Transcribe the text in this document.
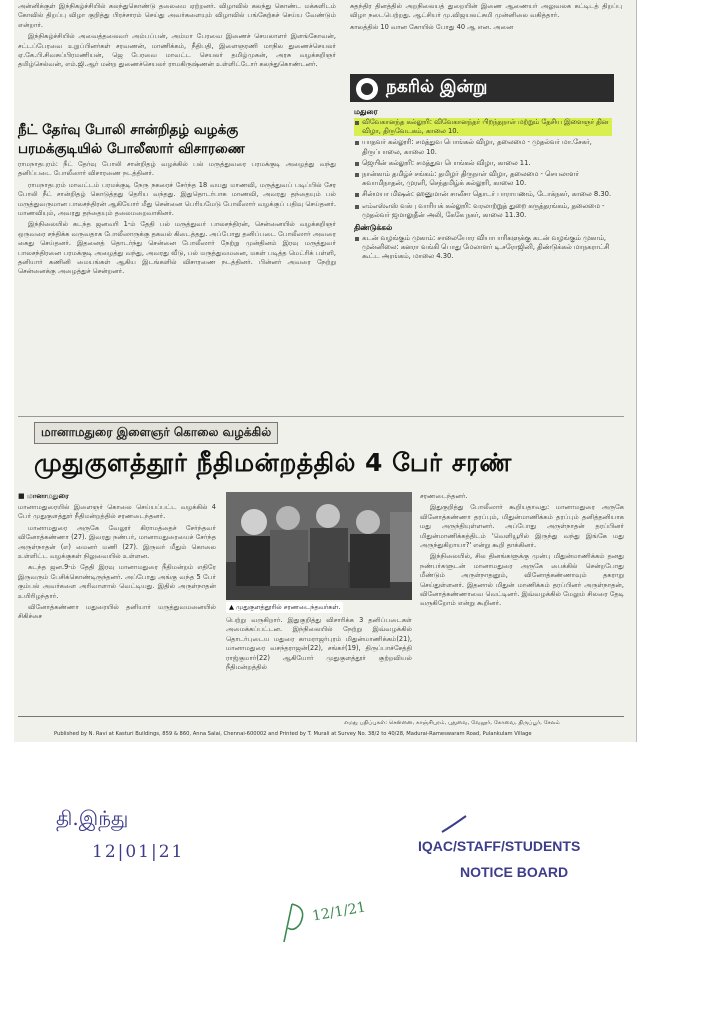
அன்னிக்குள் இந்நிகழ்ச்சியில் கலந்துகொண்டு தலைமை ஏற்றனர். விழாவில் கலந்து கொண்ட மக்களிடம் கோவில் திறப்பு விழா குறித்து பிரச்சாரம் செய்து அவர்களையும் விழாவில் பங்கேற்கச் செய்ய வேண்டும் என்றார்.

இந்நிகழ்ச்சியில் அவைத்தலைவர் அம்பப்பன், அம்மா பேரவை இணைச் செயலாளர் இளங்கோவன், சட்டப்பேரவை உறுப்பினர்கள் சரவணன், மாணிக்கம், நீதிபதி, இளைஞரணி மாநில துணைச்செயலர் ஏ.கே.பி.சிவசுப்பிரமணியன், ஜெ பேரவை மாவட்ட செயலர் தமிழ்முகன், அரசு வழக்கறிஞர் தமிழ்செல்வன், எம்.ஜி.ஆர் மன்ற துணைச்செயலர் ராமகிருஷ்ணன் உள்ளிட்டோர் கலந்துகொண்டனர்.

நீட் தேர்வு போலி சான்றிதழ் வழக்கு
பரமக்குடியில் போலீஸார் விசாரணை

ராமநாதபுரம்: நீட் தேர்வு போலி சான்றிதழ் வழக்கில் பல் மருத்துவரை பரமக்குடி அழைத்து வந்து தனிப்படை போலீஸார் விசாரணை நடத்தினர்.

ராமநாதபுரம் மாவட்டம் பரமக்குடி நேரு நகரைச் சேர்ந்த 18 வயது மாணவி, மருத்துவப் படிப்பில் சேர போலி நீட் சான்றிதழ் கொடுத்தது தெரிய வந்தது. இதுதொடர்பாக மாணவி, அவரது தந்தையும் பல் மருத்துவருமான பாலசந்திரன் ஆகியோர் மீது சென்னை பெரியமேடு போலீஸார் வழக்குப் பதிவு செய்தனர். மாணவியும், அவரது தந்தையும் தலைமறைவாகினர்.

இந்நிலையில் கடந்த ஜனவரி 1-ம் தேதி பல் மருத்துவர் பாலசந்திரன், சென்னையில் வழக்கறிஞர் ஒருவரை சந்திக்க வருவதாக போலீஸாருக்கு தகவல் கிடைத்தது. அப்போது தனிப்படை போலீஸார் அவரை கைது செய்தனர். இதனைத் தொடர்ந்து சென்னை போலீஸார் நேற்று முன்தினம் இரவு மருத்துவர் பாலசந்திரனை பரமக்குடி அழைத்து வந்து, அவரது வீடு, பல் மருத்துவமனை, மகள் படித்த மெட்ரிக் பள்ளி, தனியார் கணினி மையங்கள் ஆகிய இடங்களில் விசாரணை நடத்தினர். பின்னர் அவரை நேற்று சென்னைக்கு அழைத்துச் சென்றனர்.

சுதந்திர தினத்தில் அறநிலையத் துறையின் இணை ஆணையர் அலுவலக கட்டிடத் திறப்பு விழா நடைபெற்றது. ஆட்சியர் மு.விஜயலட்சுமி முன்னிலை வகித்தார்.

காலத்தில் 10 வான கோயில் போது 40 ஆ என. அனை

நகரில் இன்று
மதுரை
விவேகானந்த கல்லூரி: விவேகானந்தர் பிறந்தநாள் மற்றும் தேசிய இளைஞர் தின விழா, திருவேடகம், காலை 10.
யாதவர் கல்லூரி: சமத்துவ பொங்கல் விழா, தலைமை - முதல்வர் மா.சேகர், திருப்பாலை, காலை 10.
ஜெயின் கல்லூரி: சமத்துவ பொங்கல் விழா, காலை 11.
நான்காம் தமிழ்ச் சங்கம்: தமிழர் திருநாள் விழா, தலைமை - செயலாளர் சுவாமிநாதன், முரளி, செந்தமிழ்க் கல்லூரி, காலை 10.
சின்மயா மிஷன்: ஹனுமான் சாலீசா தொடர் பாராயணம், டோக்நகர், காலை 8.30.
எம்எஸ்எஸ் வக்பு வாரியக் கல்லூரி: வரலாற்றுத் துறை கருத்தரங்கம், தலைமை - முதல்வர் ஜமாலுதீன் அலி, கேகே நகர், காலை 11.30.
திண்டுக்கல்
கடன் வழங்கும் முகாம்: சாலையோர வியாபாரிகளுக்கு கடன் வழங்கும் முகாம், முன்னிலை: கனரா வங்கி பொது மேலாளர் டி.சரோஜினி, திண்டுக்கல் மாநகராட்சி கூட்ட அரங்கம், மாலை 4.30.
மானாமதுரை இளைஞர் கொலை வழக்கில்
முதுகுளத்தூர் நீதிமன்றத்தில் 4 பேர் சரண்
■ மானாமதுரை

மானாமதுரையில் இளைஞர் கொலை செய்யப்பட்ட வழக்கில் 4 பேர் முதுகுளத்தூர் நீதிமன்றத்தில் சரணடைந்தனர்.

மானாமதுரை அருகே வேலூர் கிராமத்தைச் சேர்ந்தவர் வினோத்கண்ணா (27). இவரது நண்பர், மானாமதுரையைச் சேர்ந்த அருள்நாதன் (எ) மைனர் மணி (27). இருவர் மீதும் கொலை உள்ளிட்ட வழக்குகள் நிலுவையில் உள்ளன.

கடந்த ஜன.9-ம் தேதி இரவு மானாமதுரை நீதிமன்றம் எதிரே இருவரும் பேசிக்கொண்டிருந்தனர். அப்போது அங்கு வந்த 5 பேர் கும்பல் அவர்களை அரிவாளால் வெட்டியது. இதில் அருள்நாதன் உயிரிழந்தார்.

வினோத்கண்ணா மதுரையில் தனியார் மருத்துவமனையில் சிகிச்சை

▲ முதுகுளத்தூரில் சரணடைந்தவர்கள்.

பெற்று வருகிறார். இதுகுறித்து விசாரிக்க 3 தனிப்படைகள் அமைக்கப்பட்டன. இந்நிலையில் நேற்று இவ்வழக்கில் தொடர்புடைய மதுரை காமராஜர்புரம் மிதுன்மாணிக்கம்(21), மானாமதுரை வசந்தராஜன்(22), சங்கர்(19), திருப்பாச்சேத்தி ராஜ்குமார்(22) ஆகியோர் முதுகுளத்தூர் குற்றவியல் நீதிமன்றத்தில்

சரணடைந்தனர்.

இதுகுறித்து போலீஸார் கூறியதாவது: மானாமதுரை அருகே வினோத்கண்ணா தரப்பும், மிதுன்மாணிக்கம் தரப்பும் தனித்தனியாக மது அருந்தியுள்ளனர். அப்போது அருள்நாதன் தரப்பினர் மிதுன்மாணிக்கத்திடம் 'வெளியூரில் இருந்து வந்து இங்கே மது அருந்துகிறாயா?' என்று கூறி தாக்கினர்.

இந்நிலையில், சில தினங்களுக்கு முன்பு மிதுன்மாணிக்கம் தனது நண்பர்களுடன் மானாமதுரை அருகே பைக்கில் சென்றபோது மீண்டும் அருள்நாதனும், வினோத்கண்ணாவும் தகராறு செய்துள்ளனர். இதனால் மிதுன் மாணிக்கம் தரப்பினர் அருள்நாதன், வினோத்கண்ணாவை வெட்டினர். இவ்வழக்கில் மேலும் சிலரை தேடி வருகிறோம் என்று கூறினர்.

எமது பதிப்புகள்: சென்னை, காஞ்சிபுரம், புதுவை, வேலூர், கோவை, திருப்பூர், சேலம்
Published by N. Ravi at Kasturi Buildings, 859 & 860, Anna Salai, Chennai-600002 and Printed by T. Murali at Survey No. 38/2 to 40/28, Madurai-Rameswaram Road, Pulankulam Village
தி.இந்து
12|01|21	IQAC/STAFF/STUDENTS
NOTICE BOARD
12/1/21
